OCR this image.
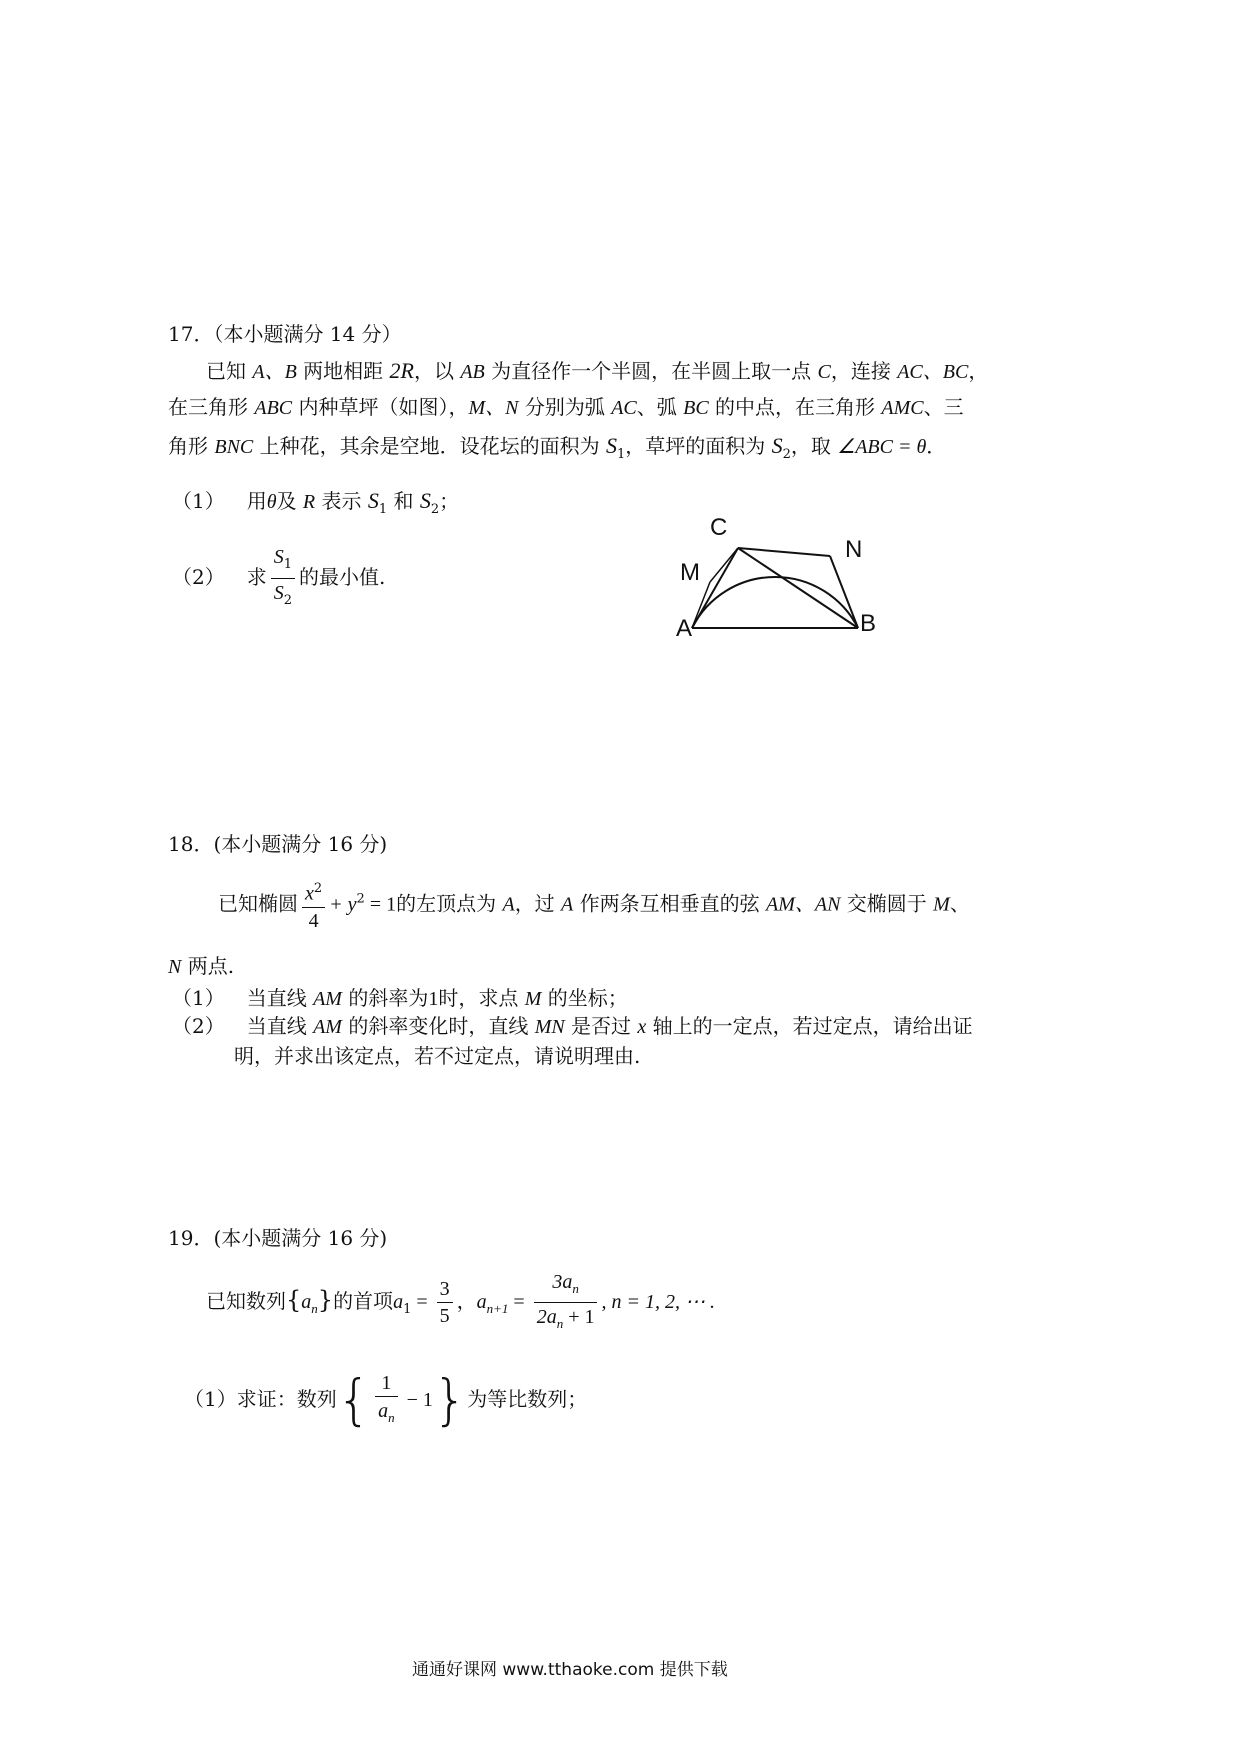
17．（本小题满分 14 分）
已知 A、B 两地相距 2R，以 AB 为直径作一个半圆，在半圆上取一点 C，连接 AC、BC，
在三角形 ABC 内种草坪（如图），M、N 分别为弧 AC、弧 BC 的中点，在三角形 AMC、三
角形 BNC 上种花，其余是空地．设花坛的面积为 $S_1$，草坪的面积为 $S_2$，取 ∠ABC = θ．
（1） 用θ及 R 表示 $S_1$ 和 $S_2$；
（2） 求 $\frac{S_1}{S_2}$ 的最小值.
C
M
N
A	B
18．(本小题满分 16 分)
已知椭圆 $\frac{x^2}{4} + y^2 = 1$的左顶点为 A，过 A 作两条互相垂直的弦 AM、AN 交椭圆于 M、
N 两点.
（1） 当直线 AM 的斜率为1时，求点 M 的坐标；
（2） 当直线 AM 的斜率变化时，直线 MN 是否过 x 轴上的一定点，若过定点，请给出证
明，并求出该定点，若不过定点，请说明理由.
19．(本小题满分 16 分)
已知数列$\{a_n\}$的首项$a_1 = \frac{3}{5}$ ，$a_{n+1} = \frac{3a_n}{2a_n + 1}$ , n = 1, 2, ⋯ .
（1）求证：数列{ $\frac{1}{a_n} - 1$}为等比数列；
通通好课网 www.tthaoke.com 提供下载
